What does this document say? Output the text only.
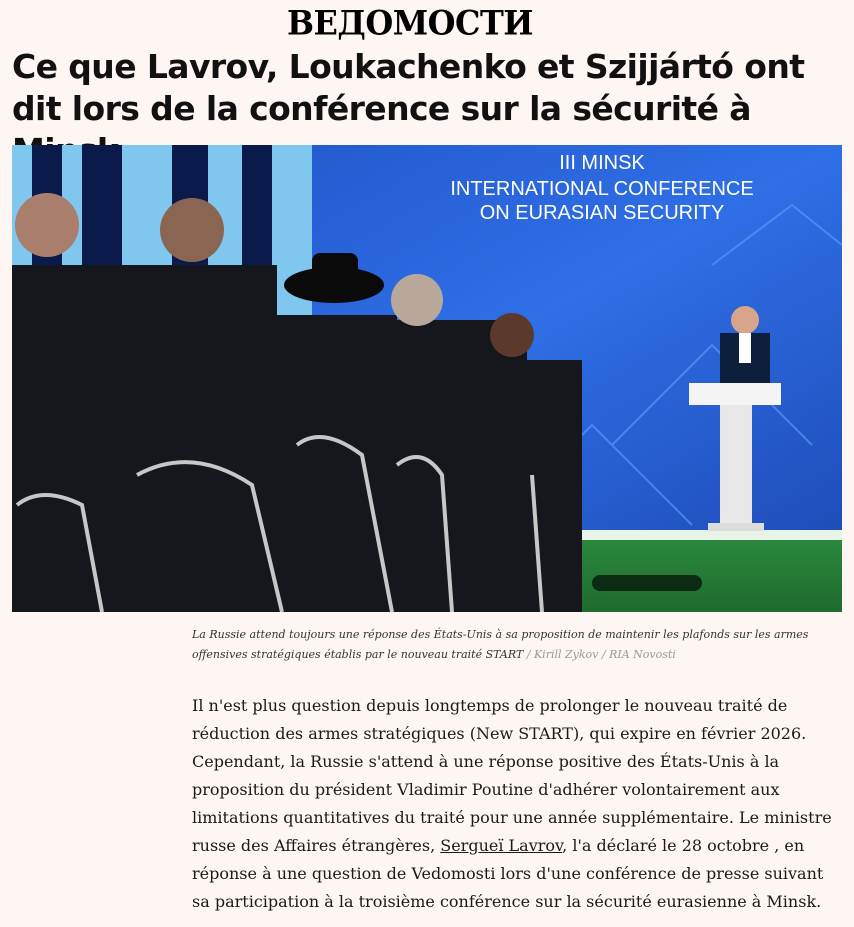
ВЕДОМОСТИ
Ce que Lavrov, Loukachenko et Szijjártó ont dit lors de la conférence sur la sécurité à
III MINSK
INTERNATIONAL CONFERENCE
ON EURASIAN SECURITY
La Russie attend toujours une réponse des États-Unis à sa proposition de maintenir les plafonds sur les armes offensives stratégiques établis par le nouveau traité START / Kirill Zykov / RIA Novosti

Il n'est plus question depuis longtemps de prolonger le nouveau traité de réduction des armes stratégiques (New START), qui expire en février 2026. Cependant, la Russie s'attend à une réponse positive des États-Unis à la proposition du président Vladimir Poutine d'adhérer volontairement aux limitations quantitatives du traité pour une année supplémentaire. Le ministre russe des Affaires étrangères, Sergueï Lavrov, l'a déclaré le 28 octobre , en réponse à une question de Vedomosti lors d'une conférence de presse suivant sa participation à la troisième conférence sur la sécurité eurasienne à Minsk.
